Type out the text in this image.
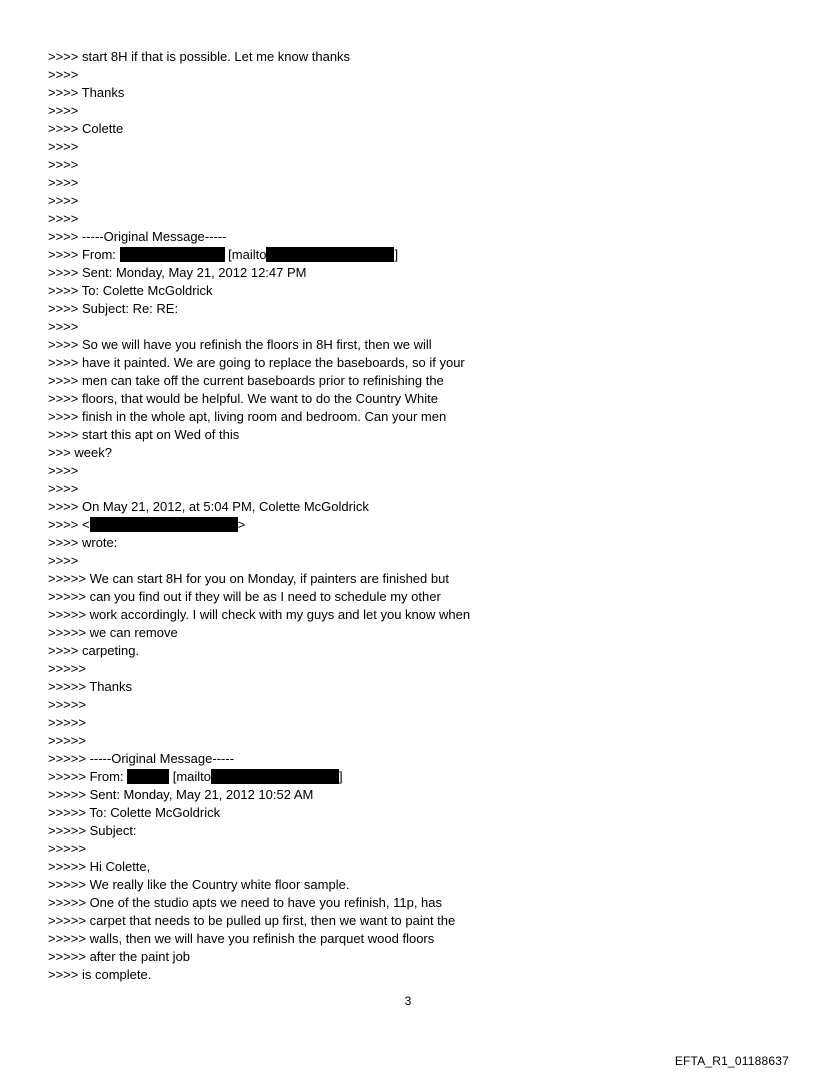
>>>> start 8H if that is possible. Let me know thanks
>>>>
>>>> Thanks
>>>>
>>>> Colette
>>>>
>>>>
>>>>
>>>>
>>>>
>>>> -----Original Message-----
>>>> From:	[mailto	]
>>>> Sent: Monday, May 21, 2012 12:47 PM
>>>> To: Colette McGoldrick
>>>> Subject: Re: RE:
>>>>
>>>> So we will have you refinish the floors in 8H first, then we will
>>>> have it painted. We are going to replace the baseboards, so if your
>>>> men can take off the current baseboards prior to refinishing the
>>>> floors, that would be helpful. We want to do the Country White
>>>> finish in the whole apt, living room and bedroom. Can your men
>>>> start this apt on Wed of this
>>> week?
>>>>
>>>>
>>>> On May 21, 2012, at 5:04 PM, Colette McGoldrick
>>>> <	>
>>>> wrote:
>>>>
>>>>> We can start 8H for you on Monday, if painters are finished but
>>>>> can you find out if they will be as I need to schedule my other
>>>>> work accordingly. I will check with my guys and let you know when
>>>>> we can remove
>>>> carpeting.
>>>>>
>>>>> Thanks
>>>>>
>>>>>
>>>>>
>>>>> -----Original Message-----
>>>>> From:	[mailto	]
>>>>> Sent: Monday, May 21, 2012 10:52 AM
>>>>> To: Colette McGoldrick
>>>>> Subject:
>>>>>
>>>>> Hi Colette,
>>>>> We really like the Country white floor sample.
>>>>> One of the studio apts we need to have you refinish, 11p, has
>>>>> carpet that needs to be pulled up first, then we want to paint the
>>>>> walls, then we will have you refinish the parquet wood floors
>>>>> after the paint job
>>>> is complete.
3
EFTA_R1_01188637
